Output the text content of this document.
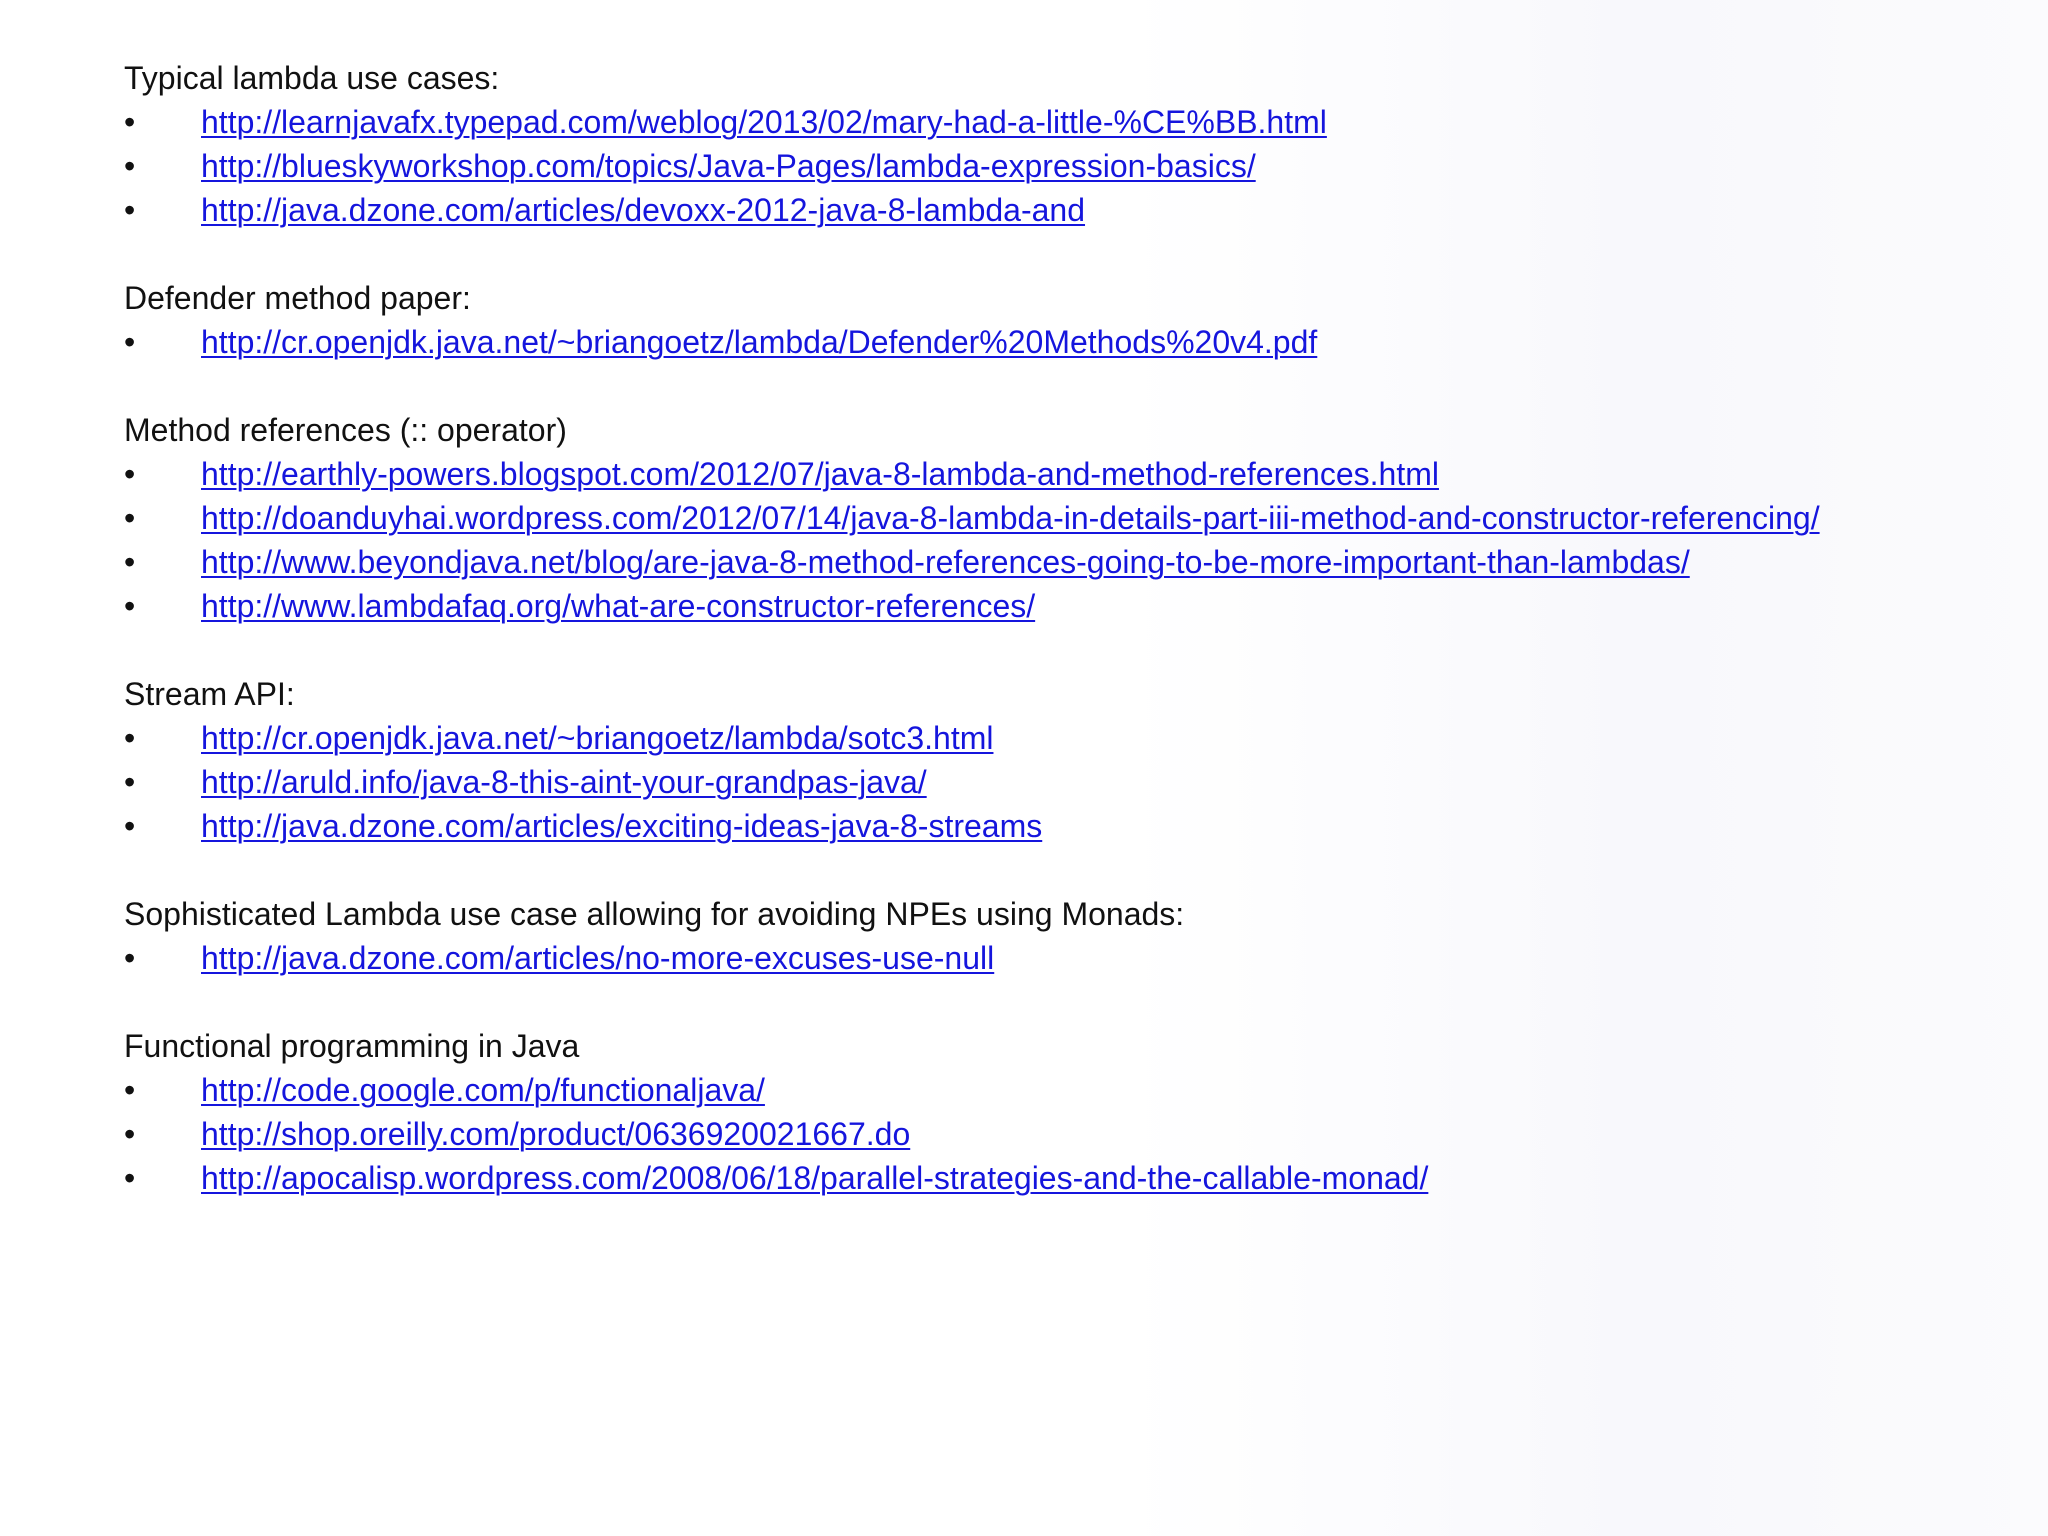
Typical lambda use cases:
• http://learnjavafx.typepad.com/weblog/2013/02/mary-had-a-little-%CE%BB.html
• http://blueskyworkshop.com/topics/Java-Pages/lambda-expression-basics/
• http://java.dzone.com/articles/devoxx-2012-java-8-lambda-and
Defender method paper:
• http://cr.openjdk.java.net/~briangoetz/lambda/Defender%20Methods%20v4.pdf
Method references (:: operator)
• http://earthly-powers.blogspot.com/2012/07/java-8-lambda-and-method-references.html
• http://doanduyhai.wordpress.com/2012/07/14/java-8-lambda-in-details-part-iii-method-and-constructor-referencing/
• http://www.beyondjava.net/blog/are-java-8-method-references-going-to-be-more-important-than-lambdas/
• http://www.lambdafaq.org/what-are-constructor-references/
Stream API:
• http://cr.openjdk.java.net/~briangoetz/lambda/sotc3.html
• http://aruld.info/java-8-this-aint-your-grandpas-java/
• http://java.dzone.com/articles/exciting-ideas-java-8-streams
Sophisticated Lambda use case allowing for avoiding NPEs using Monads:
• http://java.dzone.com/articles/no-more-excuses-use-null
Functional programming in Java
• http://code.google.com/p/functionaljava/
• http://shop.oreilly.com/product/0636920021667.do
• http://apocalisp.wordpress.com/2008/06/18/parallel-strategies-and-the-callable-monad/
